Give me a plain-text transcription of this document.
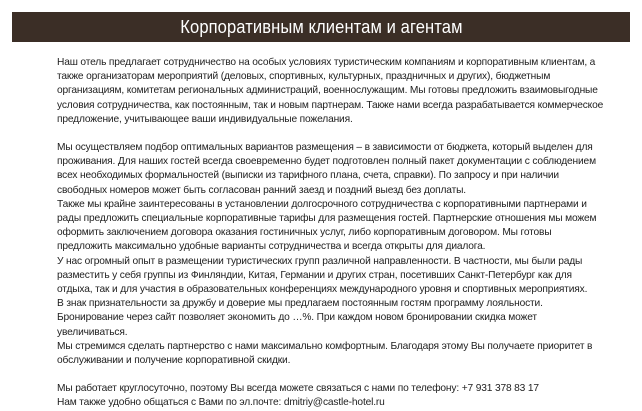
Корпоративным клиентам и агентам

Наш отель предлагает сотрудничество на особых условиях туристическим компаниям и корпоративным клиентам, а также организаторам мероприятий (деловых, спортивных, культурных, праздничных и других), бюджетным организациям, комитетам региональных администраций, военнослужащим. Мы готовы предложить взаимовыгодные условия сотрудничества, как постоянным, так и новым партнерам. Также нами всегда разрабатывается коммерческое предложение, учитывающее ваши индивидуальные пожелания.

Мы осуществляем подбор оптимальных вариантов размещения – в зависимости от бюджета, который выделен для проживания. Для наших гостей всегда своевременно будет подготовлен полный пакет документации с соблюдением всех необходимых формальностей (выписки из тарифного плана, счета, справки). По запросу и при наличии свободных номеров может быть согласован ранний заезд и поздний выезд без доплаты.

Также мы крайне заинтересованы в установлении долгосрочного сотрудничества с корпоративными партнерами и рады предложить специальные корпоративные тарифы для размещения гостей. Партнерские отношения мы можем оформить заключением договора оказания гостиничных услуг, либо корпоративным договором. Мы готовы предложить максимально удобные варианты сотрудничества и всегда открыты для диалога.

У нас огромный опыт в размещении туристических групп различной направленности. В частности, мы были рады разместить у себя группы из Финляндии, Китая, Германии и других стран, посетивших Санкт-Петербург как для отдыха, так и для участия в образовательных конференциях международного уровня и спортивных мероприятиях.

В знак признательности за дружбу и доверие мы предлагаем постоянным гостям программу лояльности. Бронирование через сайт позволяет экономить до …%. При каждом новом бронировании скидка может увеличиваться.

Мы стремимся сделать партнерство с нами максимально комфортным. Благодаря этому Вы получаете приоритет в обслуживании и получение корпоративной скидки.

Мы работает круглосуточно, поэтому Вы всегда можете связаться с нами по телефону: +7 931 378 83 17

Нам также удобно общаться с Вами по эл.почте: dmitriy@castle-hotel.ru
